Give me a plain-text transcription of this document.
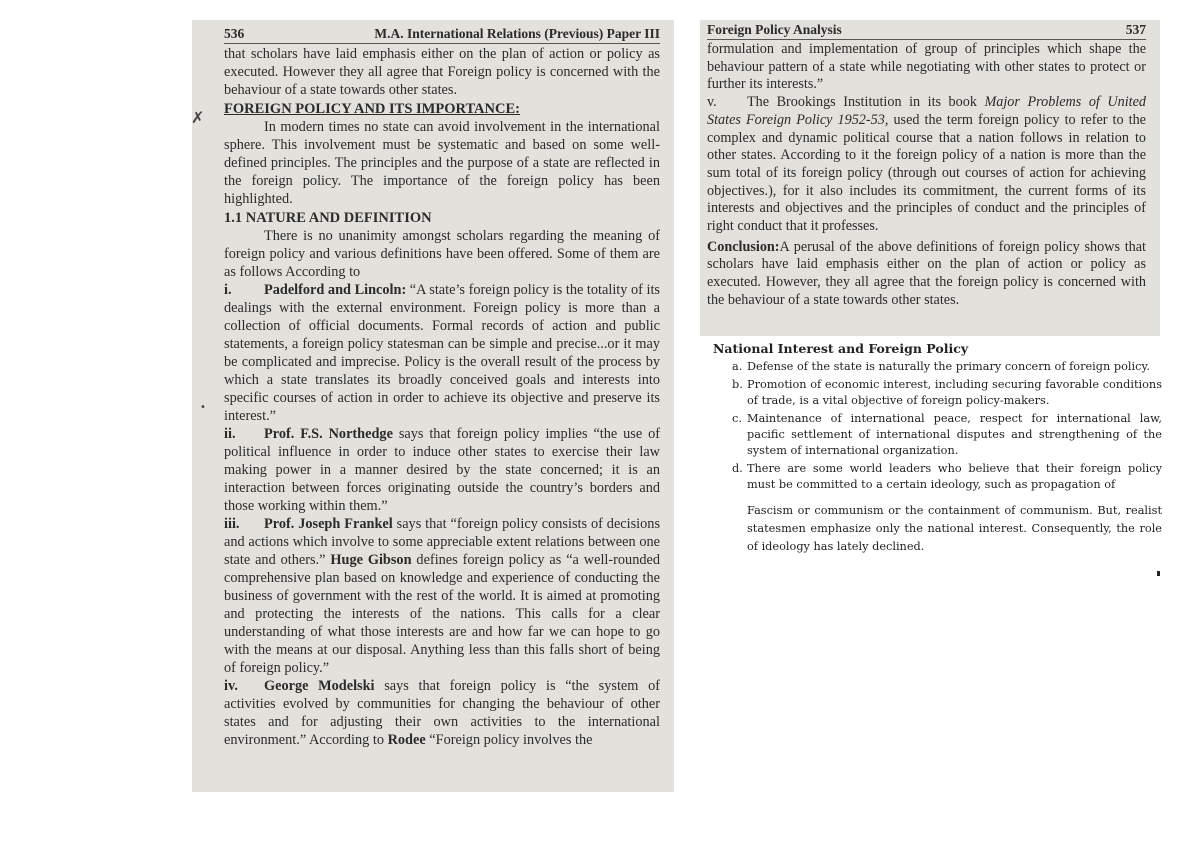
536	M.A. International Relations (Previous) Paper III

that scholars have laid emphasis either on the plan of action or policy as executed. However they all agree that Foreign policy is concerned with the behaviour of a state towards other states.

FOREIGN POLICY AND ITS IMPORTANCE:

In modern times no state can avoid involvement in the international sphere. This involvement must be systematic and based on some well-defined principles. The principles and the purpose of a state are reflected in the foreign policy. The importance of the foreign policy has been highlighted.

1.1 NATURE AND DEFINITION

There is no unanimity amongst scholars regarding the meaning of foreign policy and various definitions have been offered. Some of them are as follows According to

i. Padelford and Lincoln: “A state’s foreign policy is the totality of its dealings with the external environment. Foreign policy is more than a collection of official documents. Formal records of action and public statements, a foreign policy statesman can be simple and precise...or it may be complicated and imprecise. Policy is the overall result of the process by which a state translates its broadly conceived goals and interests into specific courses of action in order to achieve its objective and preserve its interest.”

ii. Prof. F.S. Northedge says that foreign policy implies “the use of political influence in order to induce other states to exercise their law making power in a manner desired by the state concerned; it is an interaction between forces originating outside the country’s borders and those working within them.”

iii. Prof. Joseph Frankel says that “foreign policy consists of decisions and actions which involve to some appreciable extent relations between one state and others.” Huge Gibson defines foreign policy as “a well-rounded comprehensive plan based on knowledge and experience of conducting the business of government with the rest of the world. It is aimed at promoting and protecting the interests of the nations. This calls for a clear understanding of what those interests are and how far we can hope to go with the means at our disposal. Anything less than this falls short of being of foreign policy.”

iv. George Modelski says that foreign policy is “the system of activities evolved by communities for changing the behaviour of other states and for adjusting their own activities to the international environment.” According to Rodee “Foreign policy involves the

✗
•
Foreign Policy Analysis	537

formulation and implementation of group of principles which shape the behaviour pattern of a state while negotiating with other states to protect or further its interests.”

v. The Brookings Institution in its book Major Problems of United States Foreign Policy 1952-53, used the term foreign policy to refer to the complex and dynamic political course that a nation follows in relation to other states. According to it the foreign policy of a nation is more than the sum total of its foreign policy (through out courses of action for achieving objectives.), for it also includes its commitment, the current forms of its interests and objectives and the principles of conduct and the principles of right conduct that it professes.

Conclusion:A perusal of the above definitions of foreign policy shows that scholars have laid emphasis either on the plan of action or policy as executed. However, they all agree that the foreign policy is concerned with the behaviour of a state towards other states.

National Interest and Foreign Policy

a. Defense of the state is naturally the primary concern of foreign policy.
b. Promotion of economic interest, including securing favorable conditions of trade, is a vital objective of foreign policy-makers.
c. Maintenance of international peace, respect for international law, pacific settlement of international disputes and strengthening of the system of international organization.
d. There are some world leaders who believe that their foreign policy must be committed to a certain ideology, such as propagation of

Fascism or communism or the containment of communism. But, realist statesmen emphasize only the national interest. Consequently, the role of ideology has lately declined.
